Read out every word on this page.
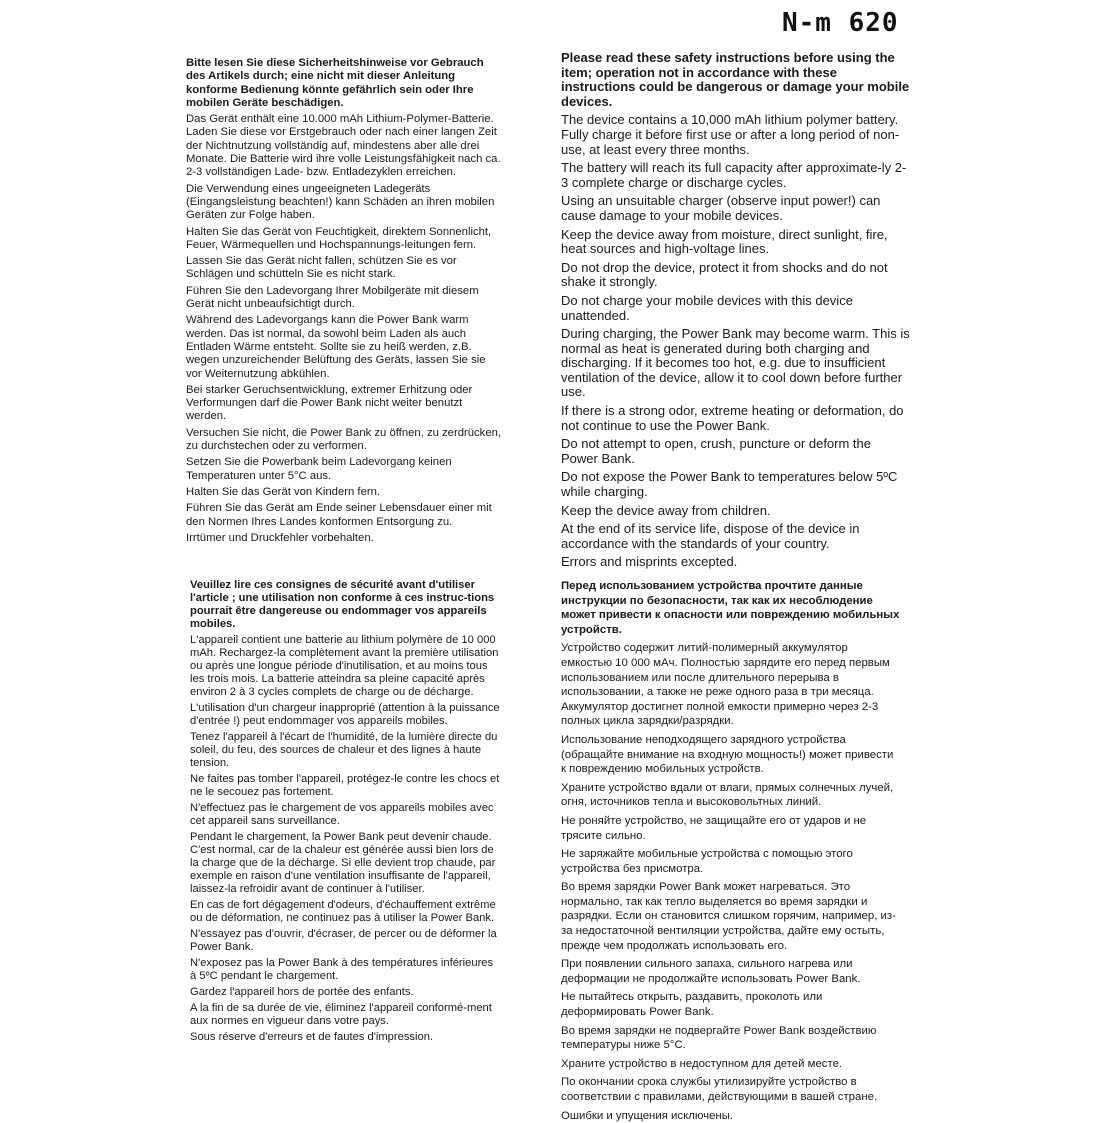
N-m 620

Bitte lesen Sie diese Sicherheitshinweise vor Gebrauch des Artikels durch; eine nicht mit dieser Anleitung konforme Bedienung könnte gefährlich sein oder Ihre mobilen Geräte beschädigen.

Das Gerät enthält eine 10.000 mAh Lithium-Polymer-Batterie. Laden Sie diese vor Erstgebrauch oder nach einer langen Zeit der Nichtnutzung vollständig auf, mindestens aber alle drei Monate. Die Batterie wird ihre volle Leistungsfähigkeit nach ca. 2-3 vollständigen Lade- bzw. Entladezyklen erreichen.

Die Verwendung eines ungeeigneten Ladegeräts (Eingangsleistung beachten!) kann Schäden an ihren mobilen Geräten zur Folge haben.

Halten Sie das Gerät von Feuchtigkeit, direktem Sonnenlicht, Feuer, Wärmequellen und Hochspannungs-leitungen fern.

Lassen Sie das Gerät nicht fallen, schützen Sie es vor Schlägen und schütteln Sie es nicht stark.

Führen Sie den Ladevorgang Ihrer Mobilgeräte mit diesem Gerät nicht unbeaufsichtigt durch.

Während des Ladevorgangs kann die Power Bank warm werden. Das ist normal, da sowohl beim Laden als auch Entladen Wärme entsteht. Sollte sie zu heiß werden, z.B. wegen unzureichender Belüftung des Geräts, lassen Sie sie vor Weiternutzung abkühlen.

Bei starker Geruchsentwicklung, extremer Erhitzung oder Verformungen darf die Power Bank nicht weiter benutzt werden.

Versuchen Sie nicht, die Power Bank zu öffnen, zu zerdrücken, zu durchstechen oder zu verformen.

Setzen Sie die Powerbank beim Ladevorgang keinen Temperaturen unter 5°C aus.

Halten Sie das Gerät von Kindern fern.

Führen Sie das Gerät am Ende seiner Lebensdauer einer mit den Normen Ihres Landes konformen Entsorgung zu.

Irrtümer und Druckfehler vorbehalten.

Please read these safety instructions before using the item; operation not in accordance with these instructions could be dangerous or damage your mobile devices.

The device contains a 10,000 mAh lithium polymer battery. Fully charge it before first use or after a long period of non-use, at least every three months.

The battery will reach its full capacity after approximate-ly 2-3 complete charge or discharge cycles.

Using an unsuitable charger (observe input power!) can cause damage to your mobile devices.

Keep the device away from moisture, direct sunlight, fire, heat sources and high-voltage lines.

Do not drop the device, protect it from shocks and do not shake it strongly.

Do not charge your mobile devices with this device unattended.

During charging, the Power Bank may become warm. This is normal as heat is generated during both charging and discharging. If it becomes too hot, e.g. due to insufficient ventilation of the device, allow it to cool down before further use.

If there is a strong odor, extreme heating or deformation, do not continue to use the Power Bank.

Do not attempt to open, crush, puncture or deform the Power Bank.

Do not expose the Power Bank to temperatures below 5ºC while charging.

Keep the device away from children.

At the end of its service life, dispose of the device in accordance with the standards of your country.

Errors and misprints excepted.

Veuillez lire ces consignes de sécurité avant d'utiliser l'article ; une utilisation non conforme à ces instruc-tions pourrait être dangereuse ou endommager vos appareils mobiles.

L'appareil contient une batterie au lithium polymère de 10 000 mAh. Rechargez-la complètement avant la première utilisation ou après une longue période d'inutilisation, et au moins tous les trois mois. La batterie atteindra sa pleine capacité après environ 2 à 3 cycles complets de charge ou de décharge.

L'utilisation d'un chargeur inapproprié (attention à la puissance d'entrée !) peut endommager vos appareils mobiles.

Tenez l'appareil à l'écart de l'humidité, de la lumière directe du soleil, du feu, des sources de chaleur et des lignes à haute tension.

Ne faites pas tomber l'appareil, protégez-le contre les chocs et ne le secouez pas fortement.

N'effectuez pas le chargement de vos appareils mobiles avec cet appareil sans surveillance.

Pendant le chargement, la Power Bank peut devenir chaude. C'est normal, car de la chaleur est générée aussi bien lors de la charge que de la décharge. Si elle devient trop chaude, par exemple en raison d'une ventilation insuffisante de l'appareil, laissez-la refroidir avant de continuer à l'utiliser.

En cas de fort dégagement d'odeurs, d'échauffement extrême ou de déformation, ne continuez pas à utiliser la Power Bank.

N'essayez pas d'ouvrir, d'écraser, de percer ou de déformer la Power Bank.

N'exposez pas la Power Bank à des températures inférieures à 5ºC pendant le chargement.

Gardez l'appareil hors de portée des enfants.

A la fin de sa durée de vie, éliminez l'appareil conformé-ment aux normes en vigueur dans votre pays.

Sous réserve d'erreurs et de fautes d'impression.

Перед использованием устройства прочтите данные инструкции по безопасности, так как их несоблюдение может привести к опасности или повреждению мобильных устройств.

Устройство содержит литий-полимерный аккумулятор емкостью 10 000 мАч. Полностью зарядите его перед первым использованием или после длительного перерыва в использовании, а также не реже одного раза в три месяца. Аккумулятор достигнет полной емкости примерно через 2-3 полных цикла зарядки/разрядки.

Использование неподходящего зарядного устройства (обращайте внимание на входную мощность!) может привести к повреждению мобильных устройств.

Храните устройство вдали от влаги, прямых солнечных лучей, огня, источников тепла и высоковольтных линий.

Не роняйте устройство, не защищайте его от ударов и не трясите сильно.

Не заряжайте мобильные устройства с помощью этого устройства без присмотра.

Во время зарядки Power Bank может нагреваться. Это нормально, так как тепло выделяется во время зарядки и разрядки. Если он становится слишком горячим, например, из-за недостаточной вентиляции устройства, дайте ему остыть, прежде чем продолжать использовать его.

При появлении сильного запаха, сильного нагрева или деформации не продолжайте использовать Power Bank.

Не пытайтесь открыть, раздавить, проколоть или деформировать Power Bank.

Во время зарядки не подвергайте Power Bank воздействию температуры ниже 5°C.

Храните устройство в недоступном для детей месте.

По окончании срока службы утилизируйте устройство в соответствии с правилами, действующими в вашей стране.

Ошибки и упущения исключены.
